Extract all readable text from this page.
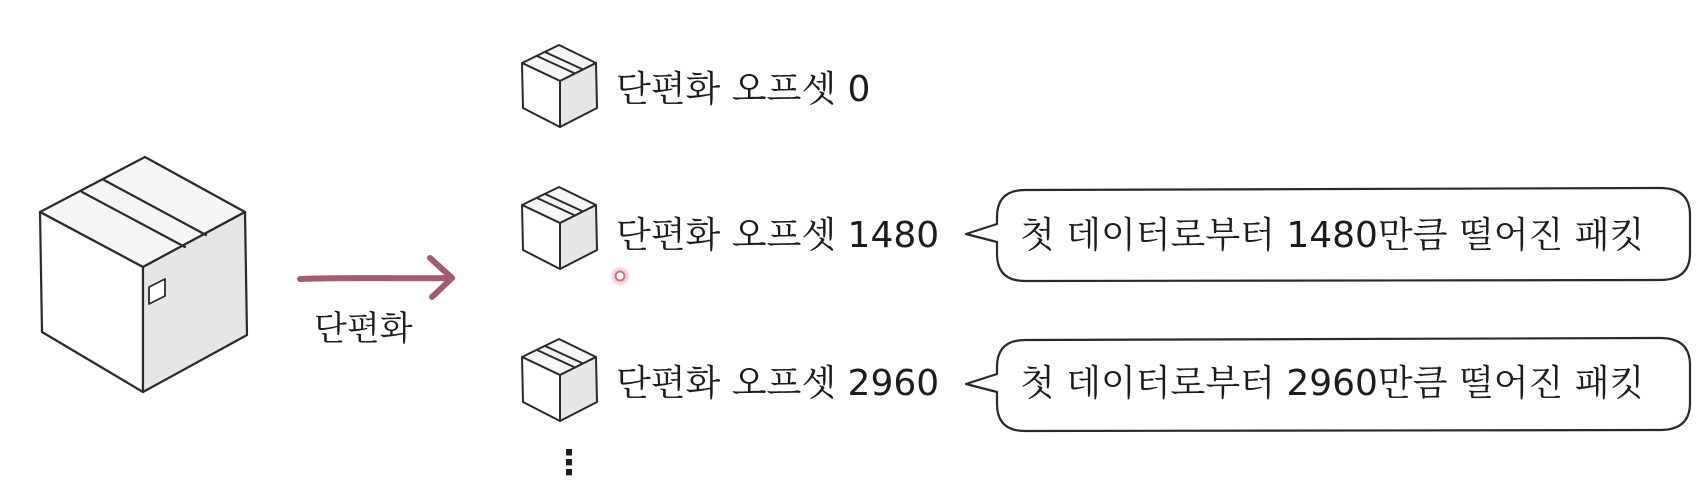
단편화
단편화 오프셋 0
단편화 오프셋 1480
단편화 오프셋 2960
첫 데이터로부터 1480만큼 떨어진 패킷
첫 데이터로부터 2960만큼 떨어진 패킷
⋮
